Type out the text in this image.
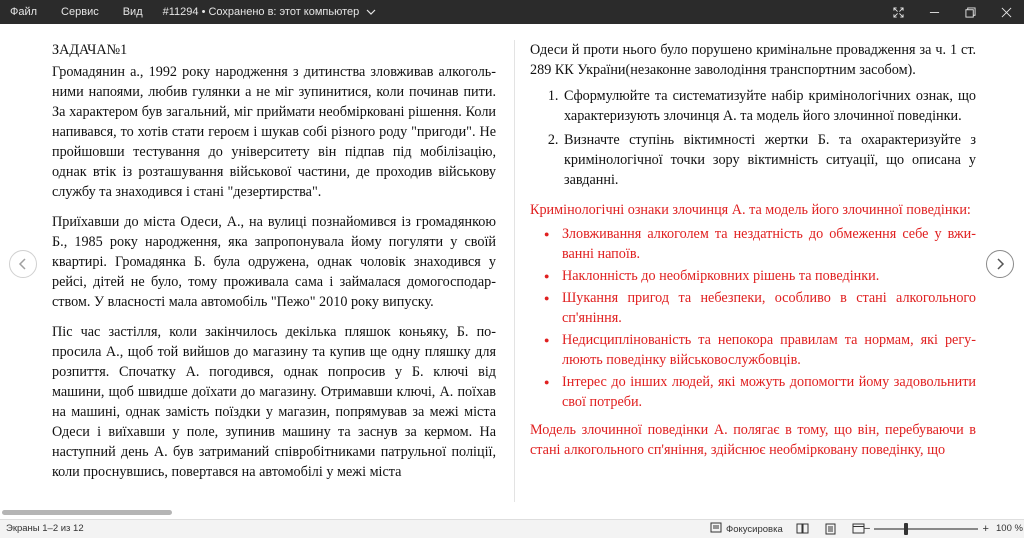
Файл	Сервис	Вид	#11294 • Сохранено в: этот компьютер
ЗАДАЧА№1

Громадянин а., 1992 року народження з дитинства зловживав алкогольними напоями, любив гулянки а не міг зупинитися, коли починав пити. За характером був загальний, міг приймати необмірковані рішення. Коли напивався, то хотів стати героєм і шукав собі різного роду "пригоди". Не пройшовши тестування до університету він підпав під мобілізацію, однак втік із розташування військової частини, де проходив військову службу та знаходився і стані "дезертирства".

Приїхавши до міста Одеси, А., на вулиці познайомився із громадянкою Б., 1985 року народження, яка запропонувала йому погуляти у своїй квартирі. Громадянка Б. була одружена, однак чоловік знаходився у рейсі, дітей не було, тому проживала сама і займалася домогосподарством. У власності мала автомобіль "Пежо" 2010 року випуску.

Піс час застілля, коли закінчилось декілька пляшок коньяку, Б. попросила А., щоб той вийшов до магазину та купив ще одну пляшку для розпиття. Спочатку А. погодився, однак попросив у Б. ключі від машини, щоб швидше доїхати до магазину. Отримавши ключі, А. поїхав на машині, однак замість поїздки у магазин, попрямував за межі міста Одеси і виїхавши у поле, зупинив машину та заснув за кермом. На наступний день А. був затриманий співробітниками патрульної поліції, коли проснувшись, повертався на автомобілі у межі міста

Одеси й проти нього було порушено кримінальне провадження за ч. 1 ст. 289 КК України(незаконне заволодіння транспортним засобом).

1. Сформулюйте та систематизуйте набір кримінологічних ознак, що характеризують злочинця А. та модель його злочинної поведінки.
2. Визначте ступінь віктимності жертки Б. та охарактеризуйте з кримінологічної точки зору віктимність ситуації, що описана у завданні.

Кримінологічні ознаки злочинця А. та модель його злочинної поведінки:

● Зловживання алкоголем та нездатність до обмеження себе у вживанні напоїв.
● Наклонність до необмірковних рішень та поведінки.
● Шукання пригод та небезпеки, особливо в стані алкогольного сп'яніння.
● Недисциплінованість та непокора правилам та нормам, які регулюють поведінку військовослужбовців.
● Інтерес до інших людей, які можуть допомогти йому задовольнити свої потреби.

Модель злочинної поведінки А. полягає в тому, що він, перебуваючи в стані алкогольного сп'яніння, здійснює необмірковану поведінку, що

Экраны 1–2 из 12	Фокусировка	−	+ 100 %
